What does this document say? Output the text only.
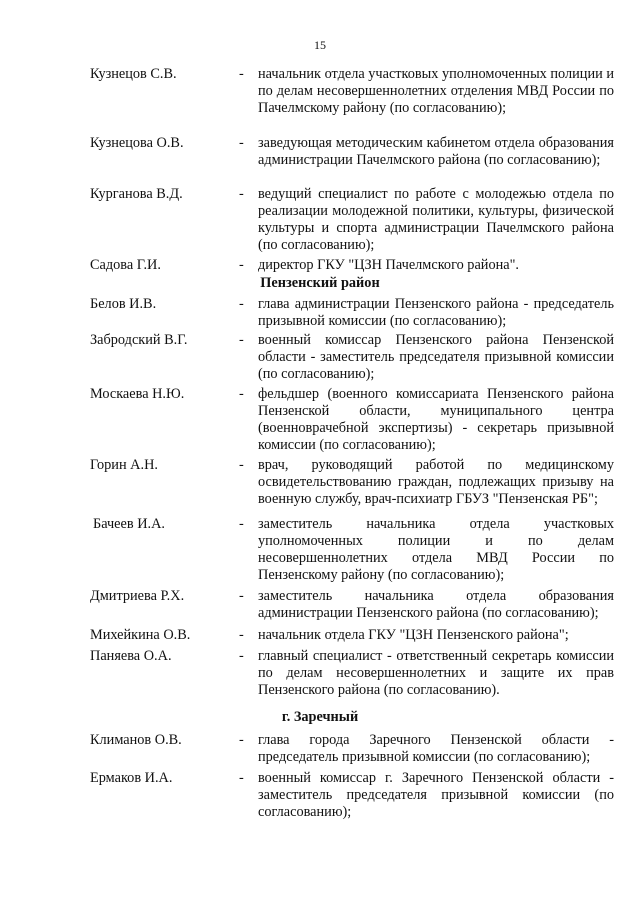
15
Кузнецов С.В.	- начальник отдела участковых уполномоченных полиции и по делам несовершеннолетних отделения МВД России по Пачелмскому району (по согласованию);
Кузнецова О.В.	- заведующая методическим кабинетом отдела образования администрации Пачелмского района (по согласованию);
Курганова В.Д.	- ведущий специалист по работе с молодежью отдела по реализации молодежной политики, культуры, физической культуры и спорта администрации Пачелмского района (по согласованию);
Садова Г.И.	- директор ГКУ "ЦЗН Пачелмского района".
Пензенский район
Белов И.В.	- глава администрации Пензенского района - председатель призывной комиссии (по согласованию);
Забродский В.Г.	- военный комиссар Пензенского района Пензенской области - заместитель председателя призывной комиссии (по согласованию);
Москаева Н.Ю.	- фельдшер (военного комиссариата Пензенского района Пензенской области, муниципального центра (военноврачебной экспертизы) - секретарь призывной комиссии (по согласованию);
Горин А.Н.	- врач, руководящий работой по медицинскому освидетельствованию граждан, подлежащих призыву на военную службу, врач-психиатр ГБУЗ "Пензенская РБ";
Бачеев И.А.	- заместитель начальника отдела участковых уполномоченных полиции и по делам несовершеннолетних отдела МВД России по Пензенскому району (по согласованию);
Дмитриева Р.Х.	- заместитель начальника отдела образования администрации Пензенского района (по согласованию);
Михейкина О.В.	- начальник отдела ГКУ "ЦЗН Пензенского района";
Паняева О.А.	- главный специалист - ответственный секретарь комиссии по делам несовершеннолетних и защите их прав Пензенского района (по согласованию).
г. Заречный
Климанов О.В.	- глава города Заречного Пензенской области - председатель призывной комиссии (по согласованию);
Ермаков И.А.	- военный комиссар г. Заречного Пензенской области - заместитель председателя призывной комиссии (по согласованию);
